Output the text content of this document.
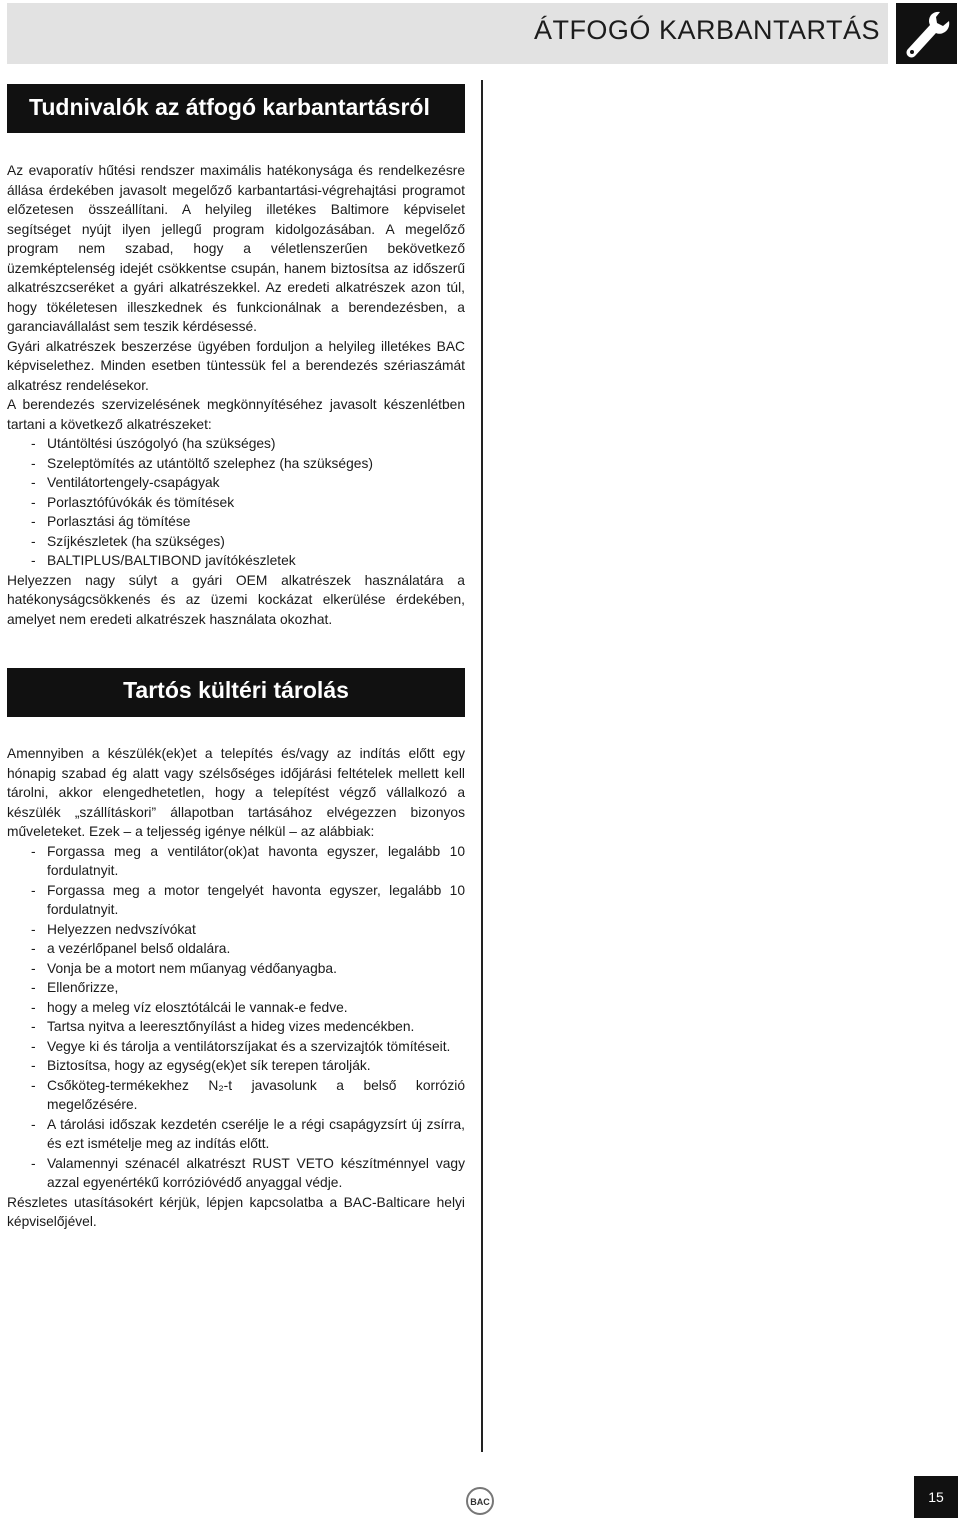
ÁTFOGÓ KARBANTARTÁS
Tudnivalók az átfogó karbantartásról

Az evaporatív hűtési rendszer maximális hatékonysága és rendelkezésre állása érdekében javasolt megelőző karbantartási-végrehajtási programot előzetesen összeállítani. A helyileg illetékes Baltimore képviselet segítséget nyújt ilyen jellegű program kidolgozásában. A megelőző program nem szabad, hogy a véletlenszerűen bekövetkező üzemképtelenség idejét csökkentse csupán, hanem biztosítsa az időszerű alkatrészcseréket a gyári alkatrészekkel. Az eredeti alkatrészek azon túl, hogy tökéletesen illeszkednek és funkcionálnak a berendezésben, a garanciavállalást sem teszik kérdésessé.

Gyári alkatrészek beszerzése ügyében forduljon a helyileg illetékes BAC képviselethez. Minden esetben tüntessük fel a berendezés szériaszámát alkatrész rendelésekor.

A berendezés szervizelésének megkönnyítéséhez javasolt készenlétben tartani a következő alkatrészeket:

- Utántöltési úszógolyó (ha szükséges)
- Szeleptömítés az utántöltő szelephez (ha szükséges)
- Ventilátortengely-csapágyak
- Porlasztófúvókák és tömítések
- Porlasztási ág tömítése
- Szíjkészletek (ha szükséges)
- BALTIPLUS/BALTIBOND javítókészletek

Helyezzen nagy súlyt a gyári OEM alkatrészek használatára a hatékonyságcsökkenés és az üzemi kockázat elkerülése érdekében, amelyet nem eredeti alkatrészek használata okozhat.

Tartós kültéri tárolás

Amennyiben a készülék(ek)et a telepítés és/vagy az indítás előtt egy hónapig szabad ég alatt vagy szélsőséges időjárási feltételek mellett kell tárolni, akkor elengedhetetlen, hogy a telepítést végző vállalkozó a készülék „szállításkori” állapotban tartásához elvégezzen bizonyos műveleteket. Ezek – a teljesség igénye nélkül – az alábbiak:

- Forgassa meg a ventilátor(ok)at havonta egyszer, legalább 10 fordulatnyit.
- Forgassa meg a motor tengelyét havonta egyszer, legalább 10 fordulatnyit.
- Helyezzen nedvszívókat
- a vezérlőpanel belső oldalára.
- Vonja be a motort nem műanyag védőanyagba.
- Ellenőrizze,
- hogy a meleg víz elosztótálcái le vannak-e fedve.
- Tartsa nyitva a leeresztőnyílást a hideg vizes medencékben.
- Vegye ki és tárolja a ventilátorszíjakat és a szervizajtók tömítéseit.
- Biztosítsa, hogy az egység(ek)et sík terepen tárolják.
- Csőköteg-termékekhez N₂-t javasolunk a belső korrózió megelőzésére.
- A tárolási időszak kezdetén cserélje le a régi csapágyzsírt új zsírra, és ezt ismételje meg az indítás előtt.
- Valamennyi szénacél alkatrészt RUST VETO készítménnyel vagy azzal egyenértékű korrózióvédő anyaggal védje.

Részletes utasításokért kérjük, lépjen kapcsolatba a BAC-Balticare helyi képviselőjével.

BAC	15
